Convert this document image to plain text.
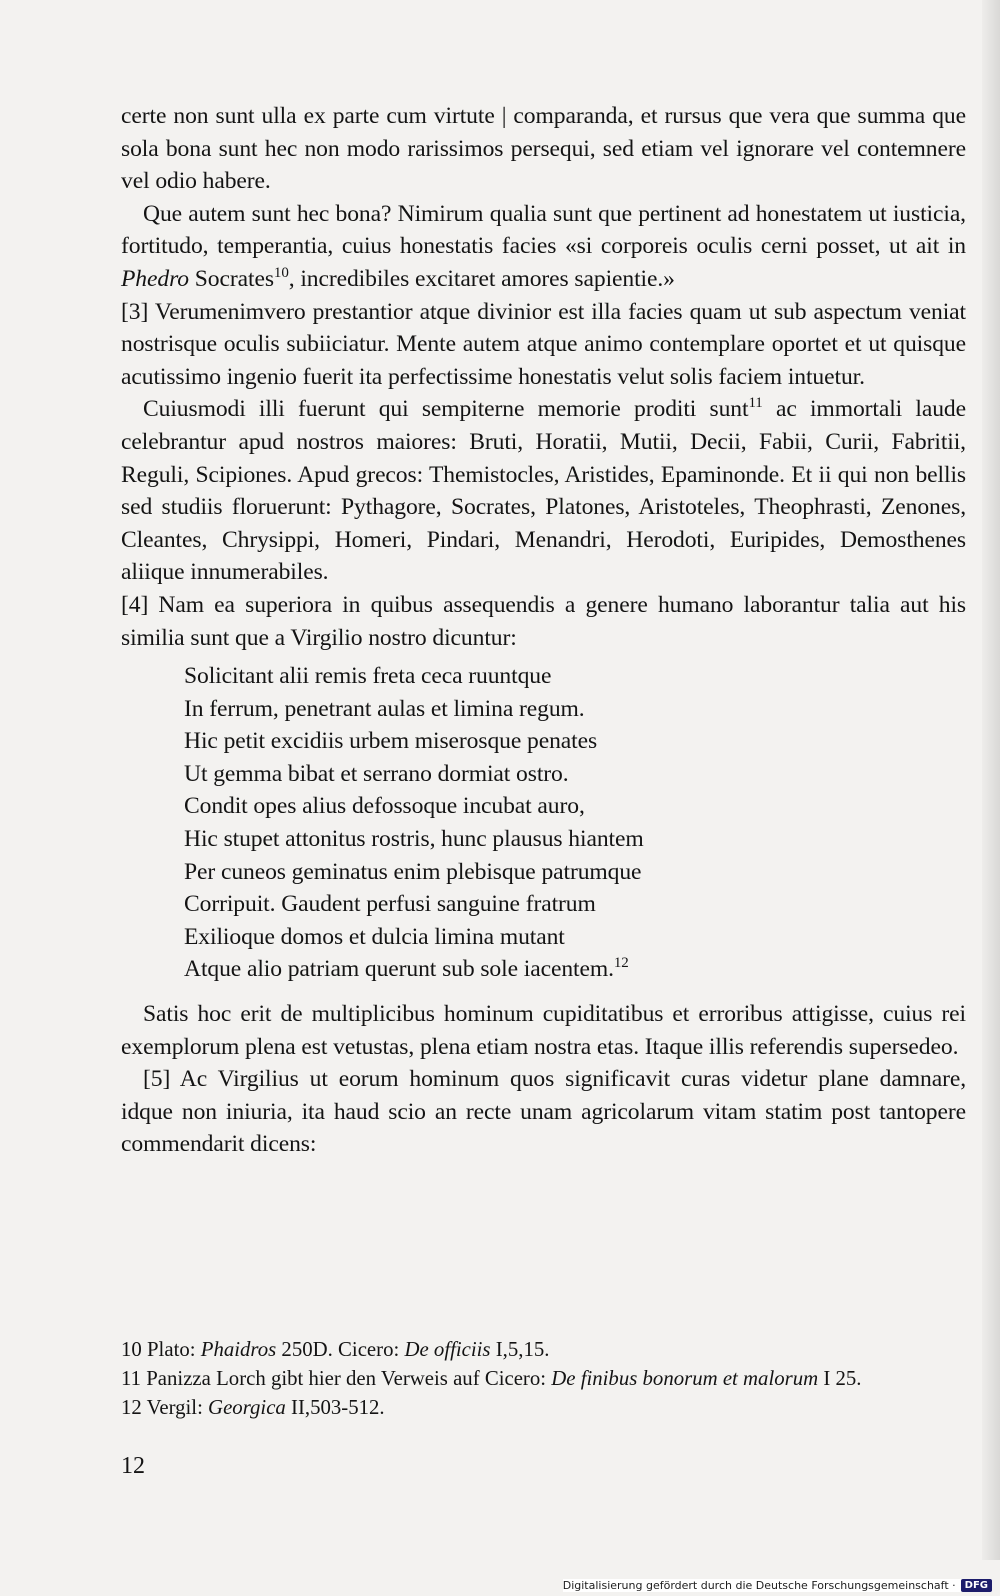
certe non sunt ulla ex parte cum virtute | comparanda, et rursus que vera que summa que sola bona sunt hec non modo rarissimos persequi, sed etiam vel ignorare vel contemnere vel odio habere.

Que autem sunt hec bona? Nimirum qualia sunt que pertinent ad honestatem ut iusticia, fortitudo, temperantia, cuius honestatis facies «si corporeis oculis cerni posset, ut ait in Phedro Socrates$^{10}$, incredibiles excitaret amores sapientie.»

[3] Verumenimvero prestantior atque divinior est illa facies quam ut sub aspectum veniat nostrisque oculis subiiciatur. Mente autem atque animo contemplare oportet et ut quisque acutissimo ingenio fuerit ita perfectissime honestatis velut solis faciem intuetur.

Cuiusmodi illi fuerunt qui sempiterne memorie proditi sunt$^{11}$ ac immortali laude celebrantur apud nostros maiores: Bruti, Horatii, Mutii, Decii, Fabii, Curii, Fabritii, Reguli, Scipiones. Apud grecos: Themistocles, Aristides, Epaminonde. Et ii qui non bellis sed studiis floruerunt: Pythagore, Socrates, Platones, Aristoteles, Theophrasti, Zenones, Cleantes, Chrysippi, Homeri, Pindari, Menandri, Herodoti, Euripides, Demosthenes aliique innumerabiles.

[4] Nam ea superiora in quibus assequendis a genere humano laborantur talia aut his similia sunt que a Virgilio nostro dicuntur:

Solicitant alii remis freta ceca ruuntque
In ferrum, penetrant aulas et limina regum.
Hic petit excidiis urbem miserosque penates
Ut gemma bibat et serrano dormiat ostro.
Condit opes alius defossoque incubat auro,
Hic stupet attonitus rostris, hunc plausus hiantem
Per cuneos geminatus enim plebisque patrumque
Corripuit. Gaudent perfusi sanguine fratrum
Exilioque domos et dulcia limina mutant
Atque alio patriam querunt sub sole iacentem.$^{12}$

Satis hoc erit de multiplicibus hominum cupiditatibus et erroribus attigisse, cuius rei exemplorum plena est vetustas, plena etiam nostra etas. Itaque illis referendis supersedeo.

[5] Ac Virgilius ut eorum hominum quos significavit curas videtur plane damnare, idque non iniuria, ita haud scio an recte unam agricolarum vitam statim post tantopere commendarit dicens:

10 Plato: Phaidros 250D. Cicero: De officiis I,5,15.
11 Panizza Lorch gibt hier den Verweis auf Cicero: De finibus bonorum et malorum I 25.
12 Vergil: Georgica II,503-512.
12
Digitalisierung gefördert durch die Deutsche Forschungsgemeinschaft · DFG
